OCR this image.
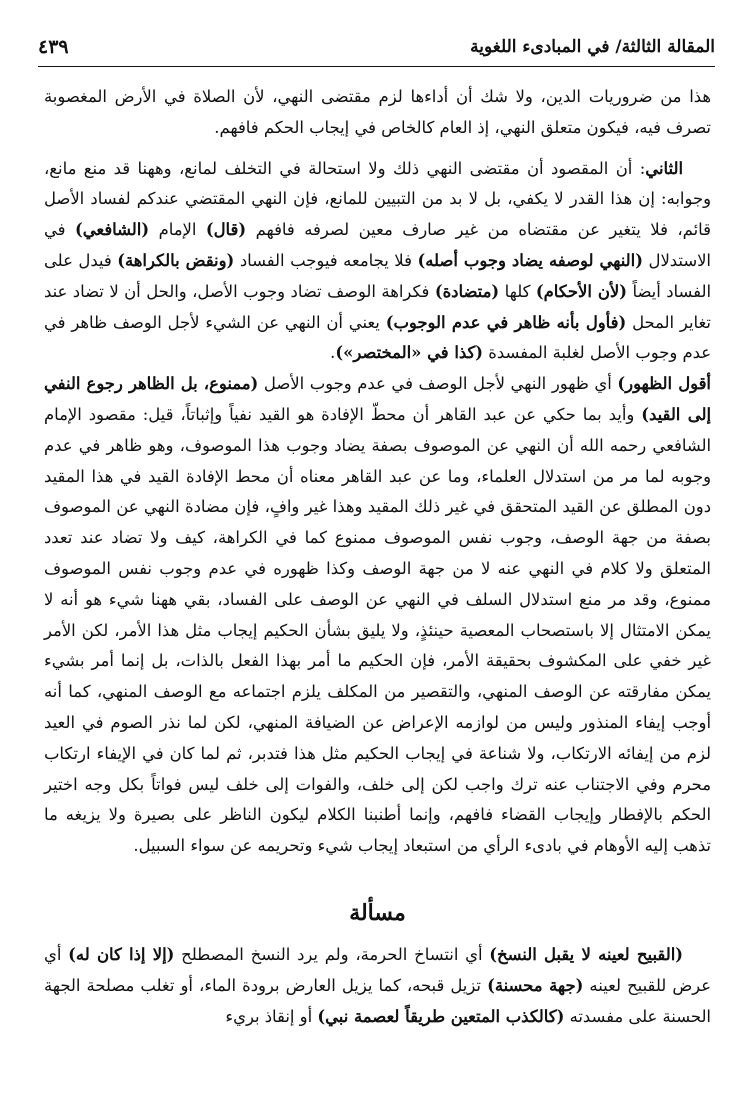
المقالة الثالثة/ في المبادىء اللغوية
٤٣٩

هذا من ضروريات الدين، ولا شك أن أداءها لزم مقتضى النهي، لأن الصلاة في الأرض المغصوبة تصرف فيه، فيكون متعلق النهي، إذ العام كالخاص في إيجاب الحكم فافهم.

الثاني: أن المقصود أن مقتضى النهي ذلك ولا استحالة في التخلف لمانع، وههنا قد منع مانع، وجوابه: إن هذا القدر لا يكفي، بل لا بد من التبيين للمانع، فإن النهي المقتضي عندكم لفساد الأصل قائم، فلا يتغير عن مقتضاه من غير صارف معين لصرفه فافهم (قال) الإمام (الشافعي) في الاستدلال (النهي لوصفه يضاد وجوب أصله) فلا يجامعه فيوجب الفساد (ونقض بالكراهة) فيدل على الفساد أيضاً (لأن الأحكام) كلها (متضادة) فكراهة الوصف تضاد وجوب الأصل، والحل أن لا تضاد عند تغاير المحل (فأول بأنه ظاهر في عدم الوجوب) يعني أن النهي عن الشيء لأجل الوصف ظاهر في عدم وجوب الأصل لغلبة المفسدة (كذا في «المختصر»).

أقول الظهور) أي ظهور النهي لأجل الوصف في عدم وجوب الأصل (ممنوع، بل الظاهر رجوع النفي إلى القيد) وأيد بما حكي عن عبد القاهر أن محطّ الإفادة هو القيد نفياً وإثباتاً، قيل: مقصود الإمام الشافعي رحمه الله أن النهي عن الموصوف بصفة يضاد وجوب هذا الموصوف، وهو ظاهر في عدم وجوبه لما مر من استدلال العلماء، وما عن عبد القاهر معناه أن محط الإفادة القيد في هذا المقيد دون المطلق عن القيد المتحقق في غير ذلك المقيد وهذا غير وافٍ، فإن مضادة النهي عن الموصوف بصفة من جهة الوصف، وجوب نفس الموصوف ممنوع كما في الكراهة، كيف ولا تضاد عند تعدد المتعلق ولا كلام في النهي عنه لا من جهة الوصف وكذا ظهوره في عدم وجوب نفس الموصوف ممنوع، وقد مر منع استدلال السلف في النهي عن الوصف على الفساد، بقي ههنا شيء هو أنه لا يمكن الامتثال إلا باستصحاب المعصية حينئذٍ، ولا يليق بشأن الحكيم إيجاب مثل هذا الأمر، لكن الأمر غير خفي على المكشوف بحقيقة الأمر، فإن الحكيم ما أمر بهذا الفعل بالذات، بل إنما أمر بشيء يمكن مفارقته عن الوصف المنهي، والتقصير من المكلف يلزم اجتماعه مع الوصف المنهي، كما أنه أوجب إيفاء المنذور وليس من لوازمه الإعراض عن الضيافة المنهي، لكن لما نذر الصوم في العيد لزم من إيفائه الارتكاب، ولا شناعة في إيجاب الحكيم مثل هذا فتدبر، ثم لما كان في الإيفاء ارتكاب محرم وفي الاجتناب عنه ترك واجب لكن إلى خلف، والفوات إلى خلف ليس فواتاً بكل وجه اختير الحكم بالإفطار وإيجاب القضاء فافهم، وإنما أطنبنا الكلام ليكون الناظر على بصيرة ولا يزيغه ما تذهب إليه الأوهام في بادىء الرأي من استبعاد إيجاب شيء وتحريمه عن سواء السبيل.

مسألة

(القبيح لعينه لا يقبل النسخ) أي انتساخ الحرمة، ولم يرد النسخ المصطلح (إلا إذا كان له) أي عرض للقبيح لعينه (جهة محسنة) تزيل قبحه، كما يزيل العارض برودة الماء، أو تغلب مصلحة الجهة الحسنة على مفسدته (كالكذب المتعين طريقاً لعصمة نبي) أو إنقاذ بريء
